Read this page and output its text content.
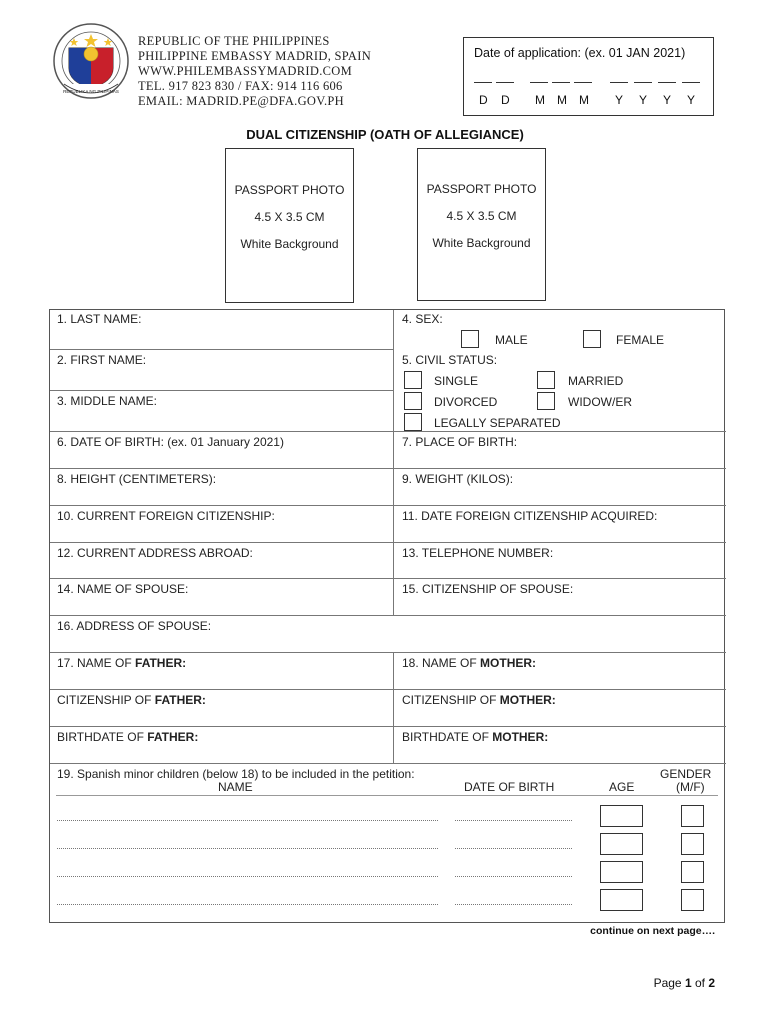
REPUBLIKA NG PILIPINAS
REPUBLIC OF THE PHILIPPINES
PHILIPPINE EMBASSY MADRID, SPAIN
WWW.PHILEMBASSYMADRID.COM
TEL. 917 823 830 / FAX: 914 116 606
EMAIL: MADRID.PE@DFA.GOV.PH
Date of application: (ex. 01 JAN 2021)
D D M M M Y Y Y Y
DUAL CITIZENSHIP (OATH OF ALLEGIANCE)
PASSPORT PHOTO
4.5 X 3.5 CM
White Background
PASSPORT PHOTO
4.5 X 3.5 CM
White Background
1. LAST NAME:	4. SEX:
MALE	FEMALE
2. FIRST NAME:	5. CIVIL STATUS:
SINGLE	MARRIED
3. MIDDLE NAME:	DIVORCED	WIDOW/ER
LEGALLY SEPARATED
6. DATE OF BIRTH: (ex. 01 January 2021)	7. PLACE OF BIRTH:
8. HEIGHT (CENTIMETERS):	9. WEIGHT (KILOS):
10. CURRENT FOREIGN CITIZENSHIP:	11. DATE FOREIGN CITIZENSHIP ACQUIRED:
12. CURRENT ADDRESS ABROAD:	13. TELEPHONE NUMBER:
14. NAME OF SPOUSE:	15. CITIZENSHIP OF SPOUSE:
16. ADDRESS OF SPOUSE:
17. NAME OF FATHER:	18. NAME OF MOTHER:
CITIZENSHIP OF FATHER:	CITIZENSHIP OF MOTHER:
BIRTHDATE OF FATHER:	BIRTHDATE OF MOTHER:
19. Spanish minor children (below 18) to be included in the petition:
NAME	DATE OF BIRTH	AGE
GENDER
(M/F)
continue on next page….
Page 1 of 2
